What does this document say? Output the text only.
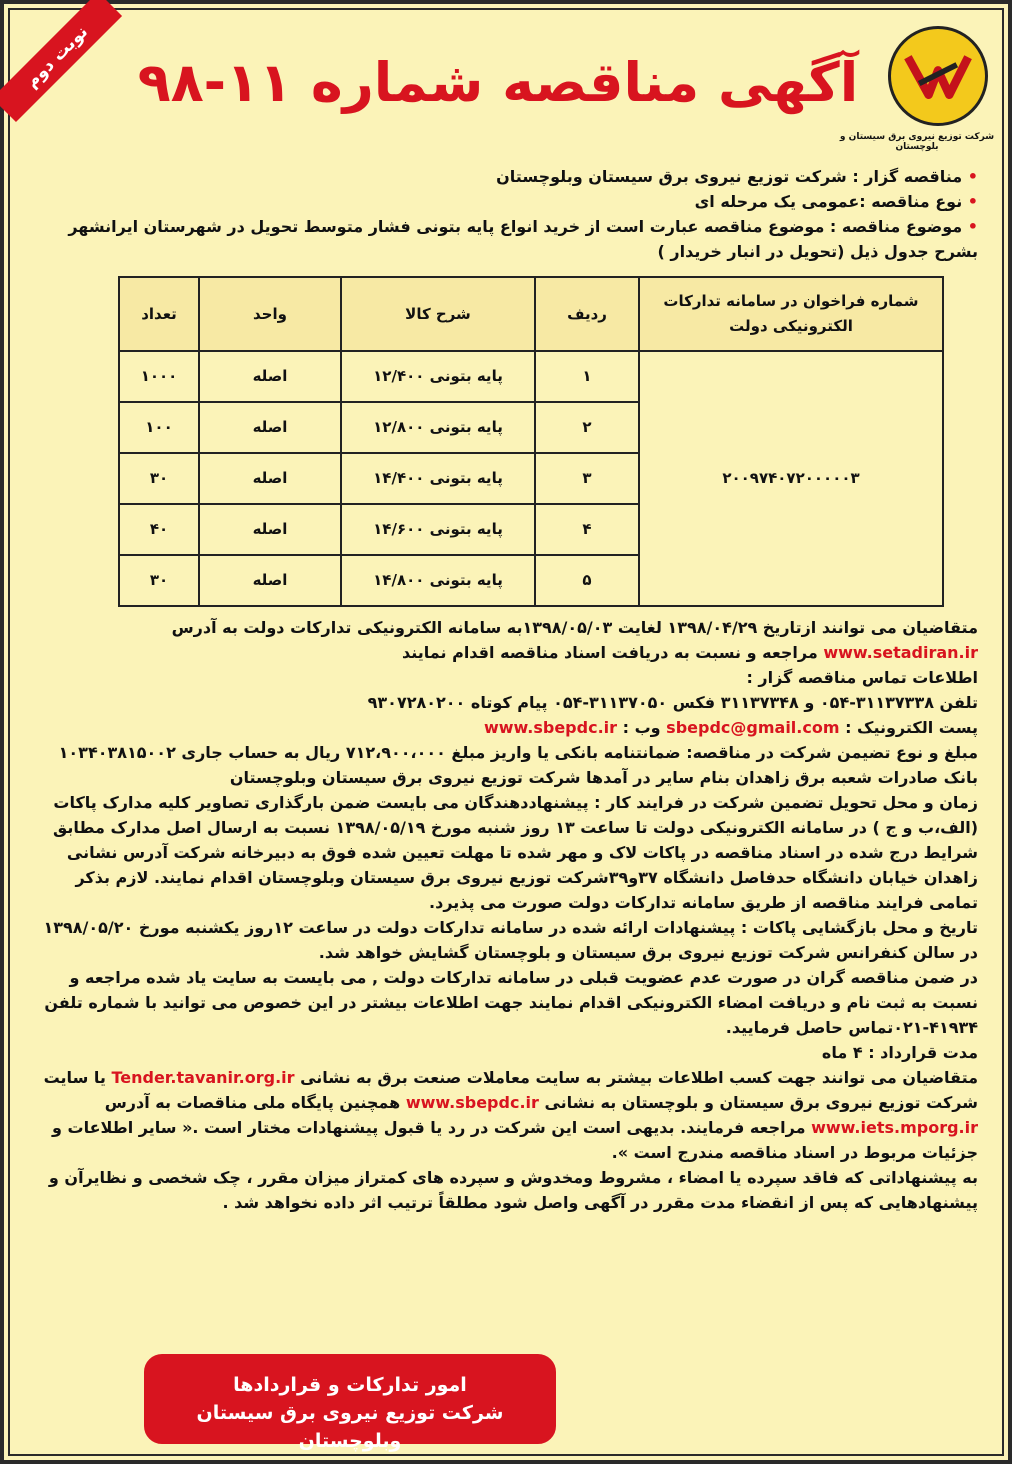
نوبت دوم آگهی مناقصه شماره ۱۱-۹۸
شرکت توزیع نیروی برق سیستان و بلوچستان

• مناقصه گزار : شرکت توزیع نیروی برق سیستان وبلوچستان

• نوع مناقصه :عمومی یک مرحله ای

• موضوع مناقصه : موضوع مناقصه عبارت است از خرید انواع پایه بتونی فشار متوسط تحویل در شهرستان ایرانشهر بشرح جدول ذیل (تحویل در انبار خریدار )

شماره فراخوان در سامانه تدارکات الکترونیکی دولت	ردیف	شرح کالا	واحد	تعداد
۲۰۰۹۷۴۰۷۲۰۰۰۰۰۳	۱	پایه بتونی ۱۲/۴۰۰	اصله	۱۰۰۰
	۲	پایه بتونی ۱۲/۸۰۰	اصله	۱۰۰
	۳	پایه بتونی ۱۴/۴۰۰	اصله	۳۰
	۴	پایه بتونی ۱۴/۶۰۰	اصله	۴۰
	۵	پایه بتونی ۱۴/۸۰۰	اصله	۳۰

متقاضیان می توانند ازتاریخ ۱۳۹۸/۰۴/۲۹ لغایت ۱۳۹۸/۰۵/۰۳به سامانه الکترونیکی تدارکات دولت به آدرس www.setadiran.ir مراجعه و نسبت به دریافت اسناد مناقصه اقدام نمایند

اطلاعات تماس مناقصه گزار :

تلفن ۳۱۱۳۷۳۳۸-۰۵۴ و ۳۱۱۳۷۳۴۸ فکس ۳۱۱۳۷۰۵۰-۰۵۴ پیام کوتاه ۹۳۰۷۲۸۰۲۰۰

پست الکترونیک : sbepdc@gmail.com وب : www.sbepdc.ir

مبلغ و نوع تضیمن شرکت در مناقصه: ضمانتنامه بانکی یا واریز مبلغ ۷۱۲،۹۰۰،۰۰۰ ریال به حساب جاری ۱۰۳۴۰۳۸۱۵۰۰۲ بانک صادرات شعبه برق زاهدان بنام سایر در آمدها شرکت توزیع نیروی برق سیستان وبلوچستان

زمان و محل تحویل تضمین شرکت در فرایند کار : پیشنهاددهندگان می بایست ضمن بارگذاری تصاویر کلیه مدارک پاکات (الف،ب و ج ) در سامانه الکترونیکی دولت تا ساعت ۱۳ روز شنبه مورخ ۱۳۹۸/۰۵/۱۹ نسبت به ارسال اصل مدارک مطابق شرایط درج شده در اسناد مناقصه در پاکات لاک و مهر شده تا مهلت تعیین شده فوق به دبیرخانه شرکت آدرس نشانی زاهدان خیابان دانشگاه حدفاصل دانشگاه ۳۷و۳۹شرکت توزیع نیروی برق سیستان وبلوچستان اقدام نمایند. لازم بذکر تمامی فرایند مناقصه از طریق سامانه تدارکات دولت صورت می پذیرد.

تاریخ و محل بازگشایی پاکات : پیشنهادات ارائه شده در سامانه تدارکات دولت در ساعت ۱۲روز یکشنبه مورخ ۱۳۹۸/۰۵/۲۰ در سالن کنفرانس شرکت توزیع نیروی برق سیستان و بلوچستان گشایش خواهد شد.

در ضمن مناقصه گران در صورت عدم عضویت قبلی در سامانه تدارکات دولت , می بایست به سایت یاد شده مراجعه و نسبت به ثبت نام و دریافت امضاء الکترونیکی اقدام نمایند جهت اطلاعات بیشتر در این خصوص می توانید با شماره تلفن ۴۱۹۳۴-۰۲۱تماس حاصل فرمایید.

مدت قرارداد : ۴ ماه

متقاضیان می توانند جهت کسب اطلاعات بیشتر به سایت معاملات صنعت برق به نشانی Tender.tavanir.org.ir یا سایت شرکت توزیع نیروی برق سیستان و بلوچستان به نشانی www.sbepdc.ir همچنین پایگاه ملی مناقصات به آدرس www.iets.mporg.ir مراجعه فرمایند. بدیهی است این شرکت در رد یا قبول پیشنهادات مختار است .« سایر اطلاعات و جزئیات مربوط در اسناد مناقصه مندرج است ».

به پیشنهاداتی که فاقد سپرده یا امضاء ، مشروط ومخدوش و سپرده های کمتراز میزان مقرر ، چک شخصی و نظایرآن و پیشنهادهایی که پس از انقضاء مدت مقرر در آگهی واصل شود مطلقاً ترتیب اثر داده نخواهد شد .

امور تدارکات و قراردادها
شرکت توزیع نیروی برق سیستان وبلوچستان
